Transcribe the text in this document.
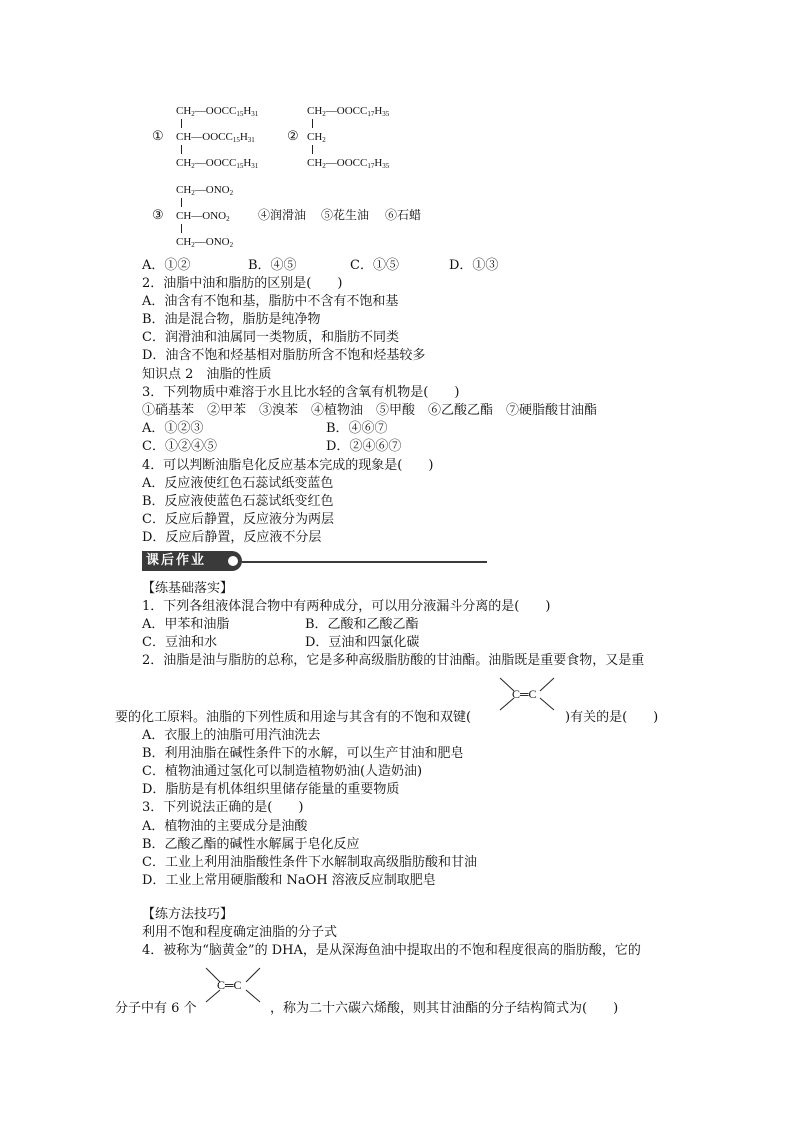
$CH_2—OOCC_{15}H_{31}$
① $CH—OOCC_{15}H_{31}$
$CH_2—OOCC_{15}H_{31}$
$CH_2—OOCC_{17}H_{35}$
② $CH_2$
$CH_2—OOCC_{17}H_{35}$
$CH_2—ONO_2$
③ $CH—ONO_2$
$CH_2—ONO_2$
④润滑油 ⑤花生油 ⑥石蜡
A．①②	B．④⑤	C．①⑤	D．①③
2．油脂中油和脂肪的区别是(　　)
A．油含有不饱和基，脂肪中不含有不饱和基
B．油是混合物，脂肪是纯净物
C．润滑油和油属同一类物质，和脂肪不同类
D．油含不饱和烃基相对脂肪所含不饱和烃基较多
知识点 2　油脂的性质
3．下列物质中难溶于水且比水轻的含氧有机物是(　　)
①硝基苯　②甲苯　③溴苯　④植物油　⑤甲酸　⑥乙酸乙酯　⑦硬脂酸甘油酯
A．①②③	B．④⑥⑦
C．①②④⑤	D．②④⑥⑦
4．可以判断油脂皂化反应基本完成的现象是(　　)
A．反应液使红色石蕊试纸变蓝色
B．反应液使蓝色石蕊试纸变红色
C．反应后静置，反应液分为两层
D．反应后静置，反应液不分层
课后作业
【练基础落实】
1．下列各组液体混合物中有两种成分，可以用分液漏斗分离的是(　　)
A．甲苯和油脂	B．乙酸和乙酸乙酯
C．豆油和水	D．豆油和四氯化碳
2．油脂是油与脂肪的总称，它是多种高级脂肪酸的甘油酯。油脂既是重要食物，又是重
C═C
要的化工原料。油脂的下列性质和用途与其含有的不饱和双键(	)有关的是(　　)
A．衣服上的油脂可用汽油洗去
B．利用油脂在碱性条件下的水解，可以生产甘油和肥皂
C．植物油通过氢化可以制造植物奶油(人造奶油)
D．脂肪是有机体组织里储存能量的重要物质
3．下列说法正确的是(　　)
A．植物油的主要成分是油酸
B．乙酸乙酯的碱性水解属于皂化反应
C．工业上利用油脂酸性条件下水解制取高级脂肪酸和甘油
D．工业上常用硬脂酸和 NaOH 溶液反应制取肥皂
【练方法技巧】
利用不饱和程度确定油脂的分子式
4．被称为“脑黄金”的 DHA，是从深海鱼油中提取出的不饱和程度很高的脂肪酸，它的
C═C
分子中有 6 个	，称为二十六碳六烯酸，则其甘油酯的分子结构简式为(　　)
